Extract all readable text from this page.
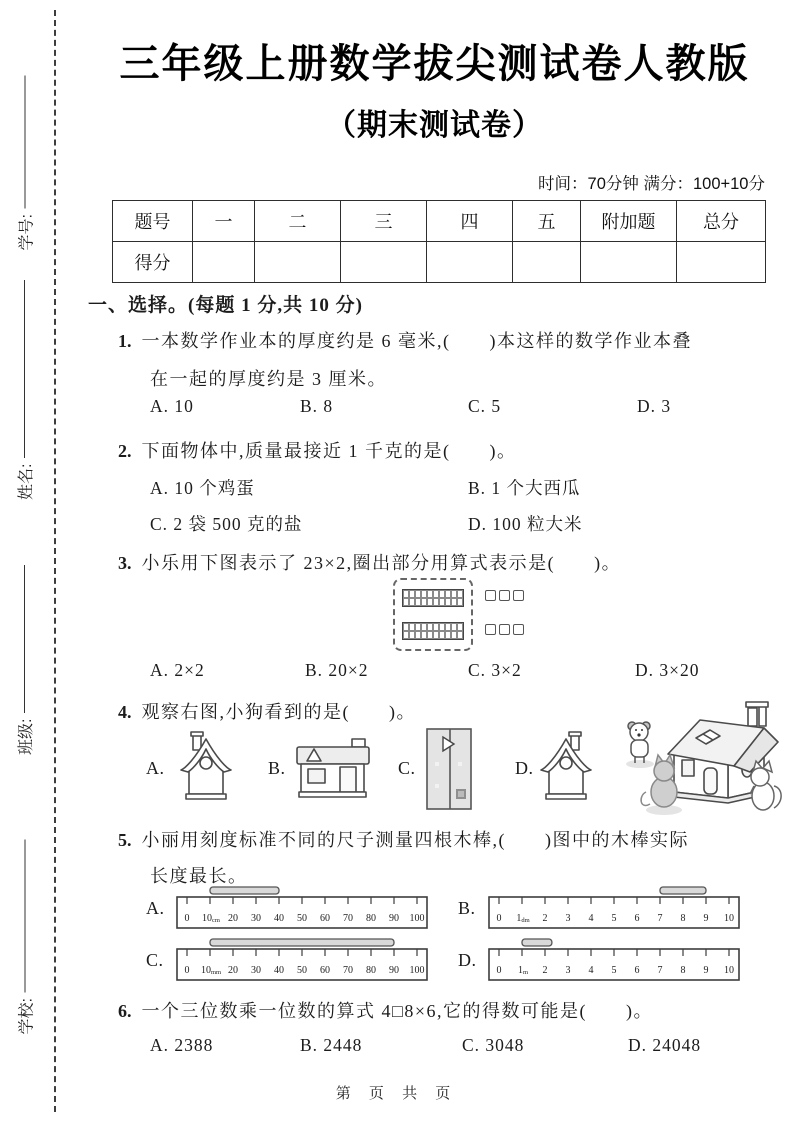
学号:
姓名:
班级:
学校:
三年级上册数学拔尖测试卷人教版
（期末测试卷）
时间：70分钟 满分：100+10分
题号	一	二	三	四	五	附加题	总分
得分							
一、选择。(每题 1 分,共 10 分)
1. 一本数学作业本的厚度约是 6 毫米,(　　)本这样的数学作业本叠
在一起的厚度约是 3 厘米。
A. 10	B. 8	C. 5	D. 3
2. 下面物体中,质量最接近 1 千克的是(　　)。
A. 10 个鸡蛋	B. 1 个大西瓜
C. 2 袋 500 克的盐	D. 100 粒大米
3. 小乐用下图表示了 23×2,圈出部分用算式表示是(　　)。
A. 2×2	B. 20×2	C. 3×2	D. 3×20
4. 观察右图,小狗看到的是(　　)。
A.	B.	C.	D.
5. 小丽用刻度标准不同的尺子测量四根木棒,(　　)图中的木棒实际
长度最长。
A.
0 10cm 20 30 40 50 60 70 80 90 100
B.
0 1dm 2 3 4 5 6 7 8 9 10
C.
0 10mm 20 30 40 50 60 70 80 90 100
D.
0 1m 2 3 4 5 6 7 8 9 10
6. 一个三位数乘一位数的算式 4□8×6,它的得数可能是(　　)。
A. 2388	B. 2448	C. 3048	D. 24048
第 页 共 页
